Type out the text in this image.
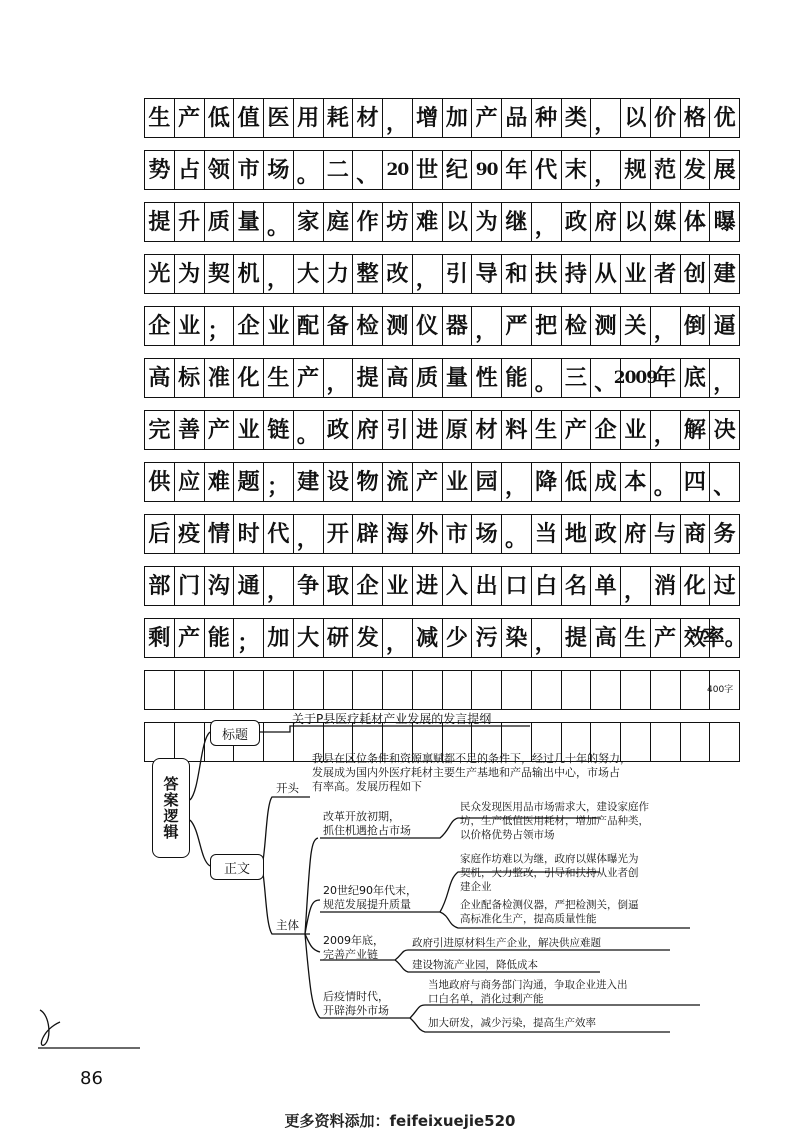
生 产 低 值 医 用 耗 材 ， 增 加 产 品 种 类 ， 以 价 格 优
势 占 领 市 场 。 二 、 20 世 纪 90 年 代 末 ， 规 范 发 展
提 升 质 量 。 家 庭 作 坊 难 以 为 继 ， 政 府 以 媒 体 曝
光 为 契 机 ， 大 力 整 改 ， 引 导 和 扶 持 从 业 者 创 建
企 业 ； 企 业 配 备 检 测 仪 器 ， 严 把 检 测 关 ， 倒 逼
高 标 准 化 生 产 ， 提 高 质 量 性 能 。 三 、
2009
年 底 ，
完 善 产 业 链 。 政 府 引 进 原 材 料 生 产 企 业 ， 解 决
供 应 难 题 ； 建 设 物 流 产 业 园 ， 降 低 成 本 。 四 、
后 疫 情 时 代 ， 开 辟 海 外 市 场 。 当 地 政 府 与 商 务
部 门 沟 通 ， 争 取 企 业 进 入 出 口 白 名 单 ， 消 化 过
剩 产 能 ； 加 大 研 发 ， 减 少 污 染 ， 提 高 生 产 效
率。
400字
答案逻辑
标题
关于P县医疗耗材产业发展的发言提纲
正文
开头
我县在区位条件和资源禀赋都不足的条件下，经过几十年的努力，
发展成为国内外医疗耗材主要生产基地和产品输出中心，市场占
有率高。发展历程如下
主体
改革开放初期，
抓住机遇抢占市场
民众发现医用品市场需求大，建设家庭作
坊，生产低值医用耗材，增加产品种类，
以价格优势占领市场
20世纪90年代末，
规范发展提升质量
家庭作坊难以为继，政府以媒体曝光为
契机，大力整改，引导和扶持从业者创
建企业
企业配备检测仪器，严把检测关，倒逼
高标准化生产，提高质量性能
2009年底，
完善产业链
政府引进原材料生产企业，解决供应难题
建设物流产业园，降低成本
后疫情时代，
开辟海外市场
当地政府与商务部门沟通，争取企业进入出
口白名单，消化过剩产能
加大研发，减少污染，提高生产效率
86
更多资料添加：feifeixuejie520
